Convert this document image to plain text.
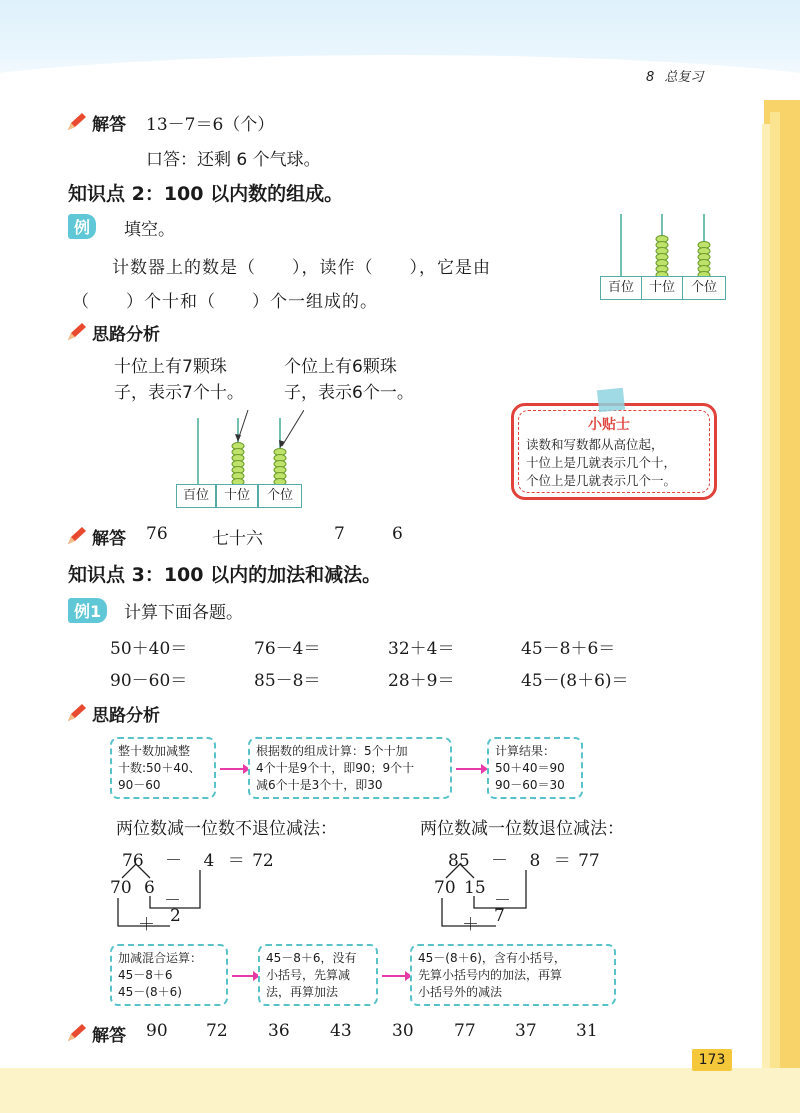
8 总复习
解答 13－7＝6（个）
口答：还剩 6 个气球。
知识点 2：100 以内数的组成。
例	填空。
计数器上的数是（　　），读作（　　），它是由
（　　）个十和（　　）个一组成的。
百位	十位	个位
思路分析
十位上有7颗珠
子，表示7个十。
个位上有6颗珠
子，表示6个一。
百位	十位	个位
小贴士
读数和写数都从高位起，
十位上是几就表示几个十，
个位上是几就表示几个一。
解答 76	七十六	7	6
知识点 3：100 以内的加法和减法。
例1	计算下面各题。
50＋40＝	76－4＝	32＋4＝	45－8＋6＝
90－60＝	85－8＝	28＋9＝	45－(8＋6)＝
思路分析
整十数加减整
十数:50＋40、
90－60
根据数的组成计算：5个十加
4个十是9个十，即90；9个十
减6个十是3个十，即30
计算结果：
50＋40＝90
90－60＝30
两位数减一位数不退位减法：	两位数减一位数退位减法：
76 － 4 ＝ 72
70 6
－
＋ 2
85 － 8 ＝ 77
70 15
－
＋ 7
加减混合运算：
45－8＋6
45－(8＋6)
45－8＋6，没有
小括号，先算减
法，再算加法
45－(8＋6)，含有小括号，
先算小括号内的加法，再算
小括号外的减法
解答 90 72 36 43 30 77 37 31
173
